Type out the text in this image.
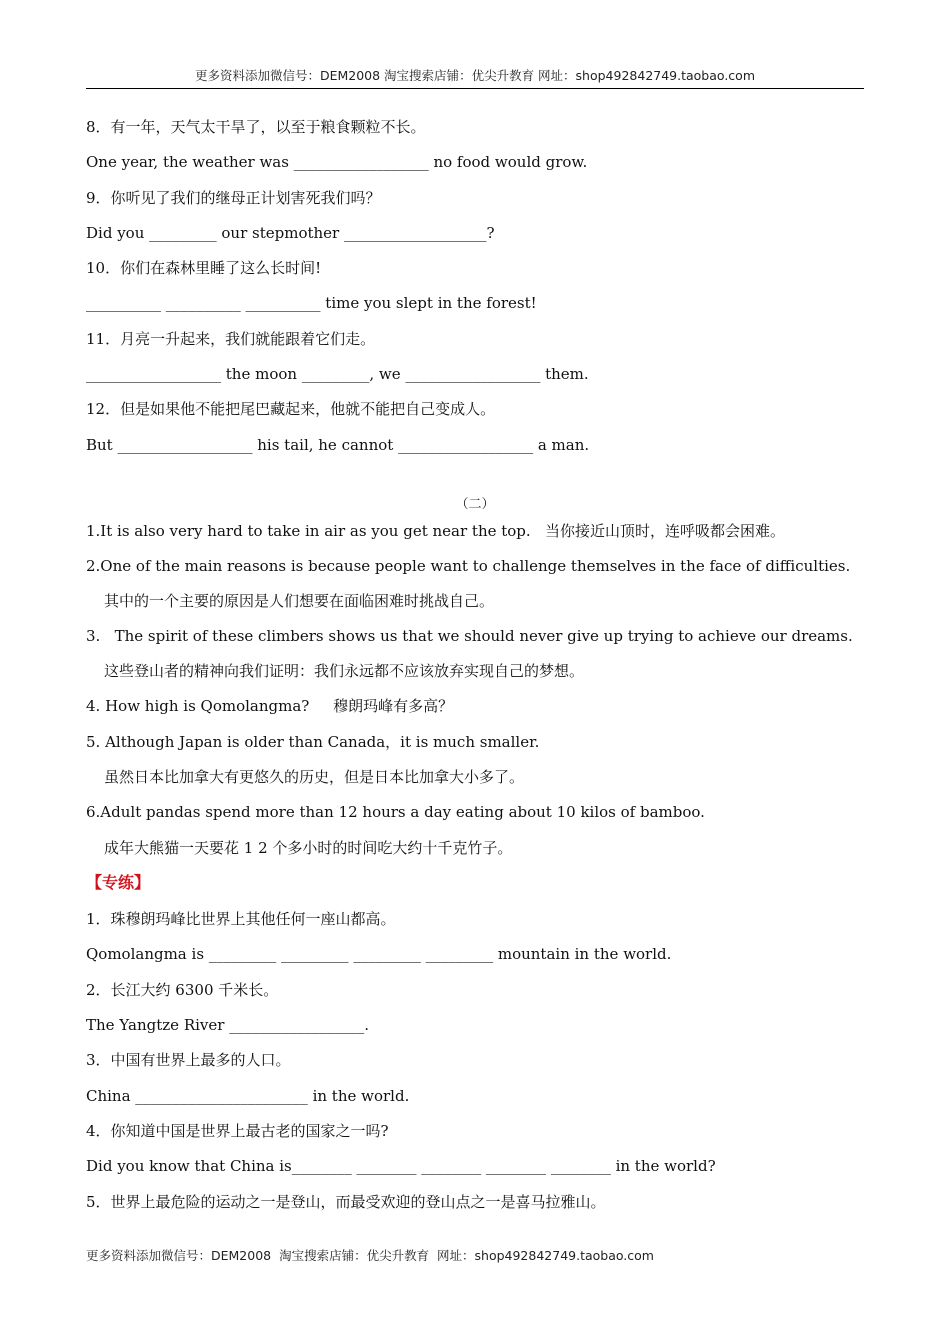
更多资料添加微信号：DEM2008 淘宝搜索店铺：优尖升教育 网址：shop492842749.taobao.com
8．有一年，天气太干旱了，以至于粮食颗粒不长。
One year, the weather was __________________ no food would grow.
9．你听见了我们的继母正计划害死我们吗？
Did you _________ our stepmother ___________________?
10．你们在森林里睡了这么长时间!
__________ __________ __________ time you slept in the forest!
11．月亮一升起来，我们就能跟着它们走。
__________________ the moon _________, we __________________ them.
12．但是如果他不能把尾巴藏起来，他就不能把自己变成人。
But __________________ his tail, he cannot __________________ a man.
（二）
1.It is also very hard to take in air as you get near the top.   当你接近山顶时，连呼吸都会困难。
2.One of the main reasons is because people want to challenge themselves in the face of difficulties.
其中的一个主要的原因是人们想要在面临困难时挑战自己。
3.   The spirit of these climbers shows us that we should never give up trying to achieve our dreams.
这些登山者的精神向我们证明：我们永远都不应该放弃实现自己的梦想。
4. How high is Qomolangma?     穆朗玛峰有多高？
5. Although Japan is older than Canada，it is much smaller.
虽然日本比加拿大有更悠久的历史，但是日本比加拿大小多了。
6.Adult pandas spend more than 12 hours a day eating about 10 kilos of bamboo.
成年大熊猫一天要花 1 2 个多小时的时间吃大约十千克竹子。
【专练】
1．珠穆朗玛峰比世界上其他任何一座山都高。
Qomolangma is _________ _________ _________ _________ mountain in the world.
2．长江大约 6300 千米长。
The Yangtze River __________________.
3．中国有世界上最多的人口。
China _______________________ in the world.
4．你知道中国是世界上最古老的国家之一吗?
Did you know that China is________ ________ ________ ________ ________ in the world?
5．世界上最危险的运动之一是登山，而最受欢迎的登山点之一是喜马拉雅山。
更多资料添加微信号：DEM2008  淘宝搜索店铺：优尖升教育  网址：shop492842749.taobao.com
